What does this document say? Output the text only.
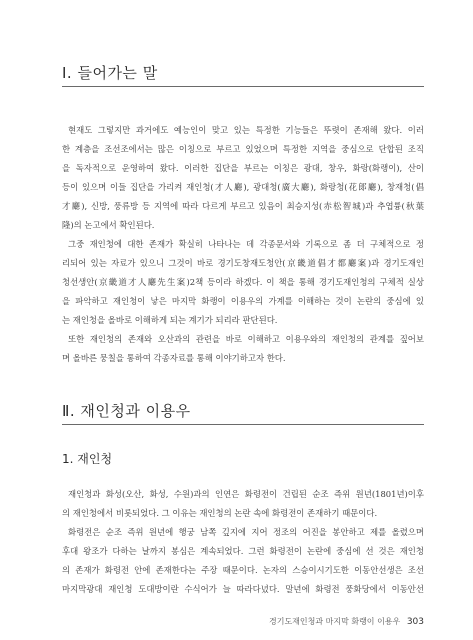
Ⅰ. 들어가는 말
현재도 그렇지만 과거에도 예능인이 맞고 있는 특정한 기능들은 뚜렷이 존재해 왔다. 이러
한 계층을 조선조에서는 많은 이칭으로 부르고 있었으며 특정한 지역을 중심으로 단합된 조직
을 독자적으로 운영하여 왔다. 이러한 집단을 부르는 이칭은 광대, 창우, 화랑(화랭이), 산이
등이 있으며 이들 집단을 가리켜 재인청(才人廳), 광대청(廣大廳), 화랑청(花郞廳), 창재청(倡
才廳), 신방, 풍류방 등 지역에 따라 다르게 부르고 있음이 최승지성(赤松智城)과 추엽륭(秋葉
隆)의 논고에서 확인된다.
그중 재인청에 대한 존재가 확실히 나타나는 데 각종문서와 기록으로 좀 더 구체적으로 정
리되어 있는 자료가 있으니 그것이 바로 경기도창재도청안(京畿道倡才都廳案)과 경기도재인
청선생안(京畿道才人廳先生案)2책 등이라 하겠다. 이 책을 통해 경기도재인청의 구체적 실상
을 파악하고 재인청이 낳은 마지막 화랭이 이용우의 가계를 이해하는 것이 논란의 중심에 있
는 재인청을 올바로 이해하게 되는 계기가 되리라 판단된다.
또한 재인청의 존재와 오산과의 관련을 바로 이해하고 이용우와의 재인청의 관계를 짚어보
며 올바른 뭉칠을 통하여 각종자료를 통해 이야기하고자 한다.
Ⅱ. 재인청과 이용우
1. 재인청
재인청과 화성(오산, 화성, 수원)과의 인연은 화령전이 건립된 순조 즉위 원년(1801년)이후
의 재인청에서 비롯되었다. 그 이유는 재인청의 논란 속에 화령전이 존재하기 때문이다.
화령전은 순조 즉위 원년에 행궁 남쪽 깊지에 지어 정조의 어진을 봉안하고 제를 올렸으며
후대 왕조가 다하는 날까지 봉심은 계속되었다. 그런 화령전이 논란에 중심에 선 것은 재인청
의 존재가 화령전 안에 존재한다는 주장 때문이다. 논자의 스승이시기도한 이동안선생은 조선
마지막광대 재인청 도대방이란 수식어가 늘 따라다녔다. 말년에 화령전 풍화당에서 이동안선
경기도재인청과 마지막 화랭이 이용우 303
